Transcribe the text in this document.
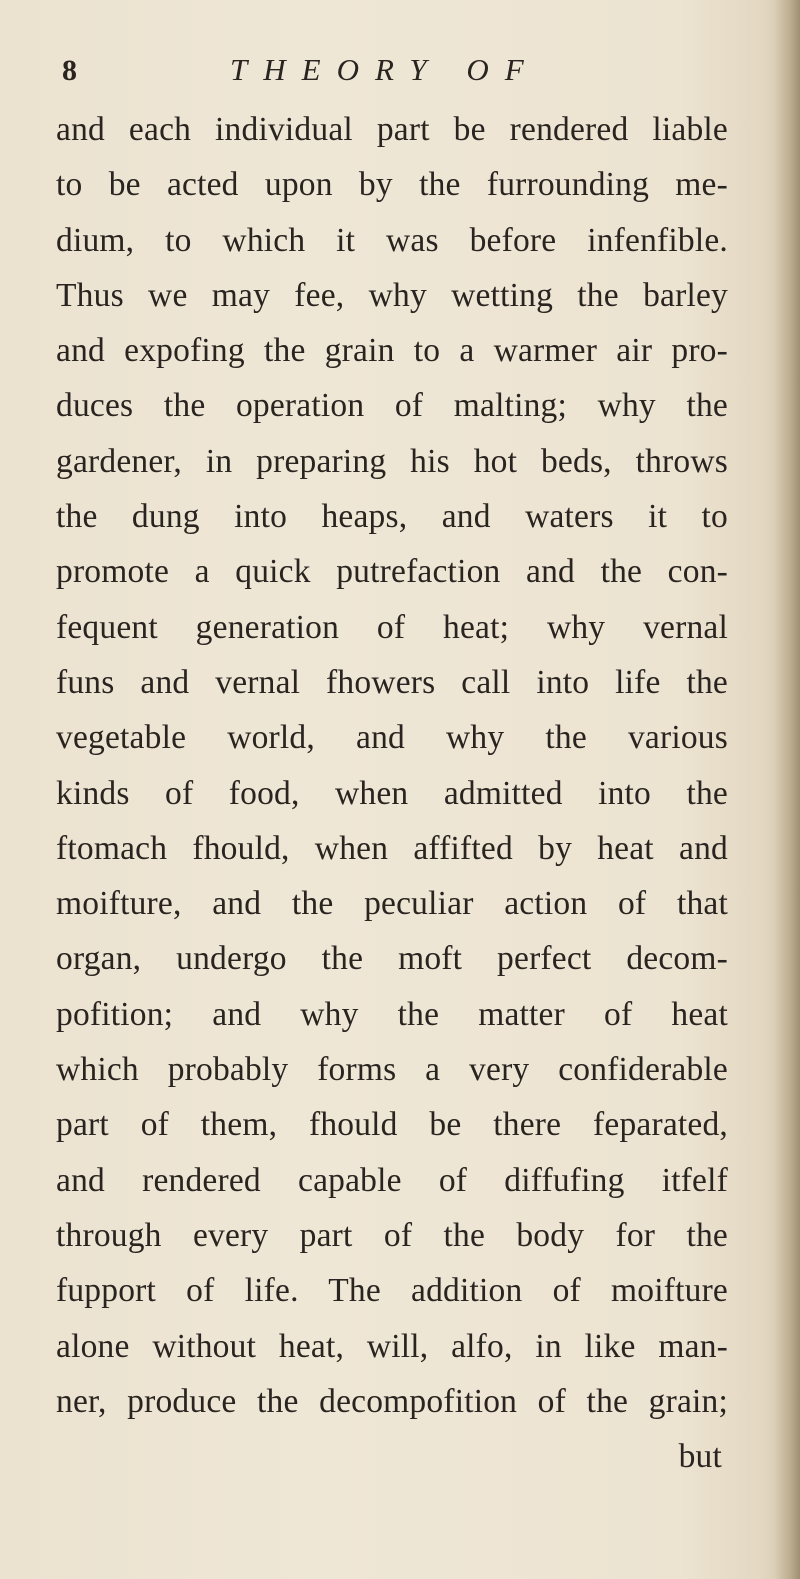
8	THEORY OF
and each individual part be rendered liable
to be acted upon by the furrounding me-
dium, to which it was before infenfible.
Thus we may fee, why wetting the barley
and expofing the grain to a warmer air pro-
duces the operation of malting; why the
gardener, in preparing his hot beds, throws
the dung into heaps, and waters it to
promote a quick putrefaction and the con-
fequent generation of heat; why vernal
funs and vernal fhowers call into life the
vegetable world, and why the various
kinds of food, when admitted into the
ftomach fhould, when affifted by heat and
moifture, and the peculiar action of that
organ, undergo the moft perfect decom-
pofition; and why the matter of heat
which probably forms a very confiderable
part of them, fhould be there feparated,
and rendered capable of diffufing itfelf
through every part of the body for the
fupport of life. The addition of moifture
alone without heat, will, alfo, in like man-
ner, produce the decompofition of the grain;
but
